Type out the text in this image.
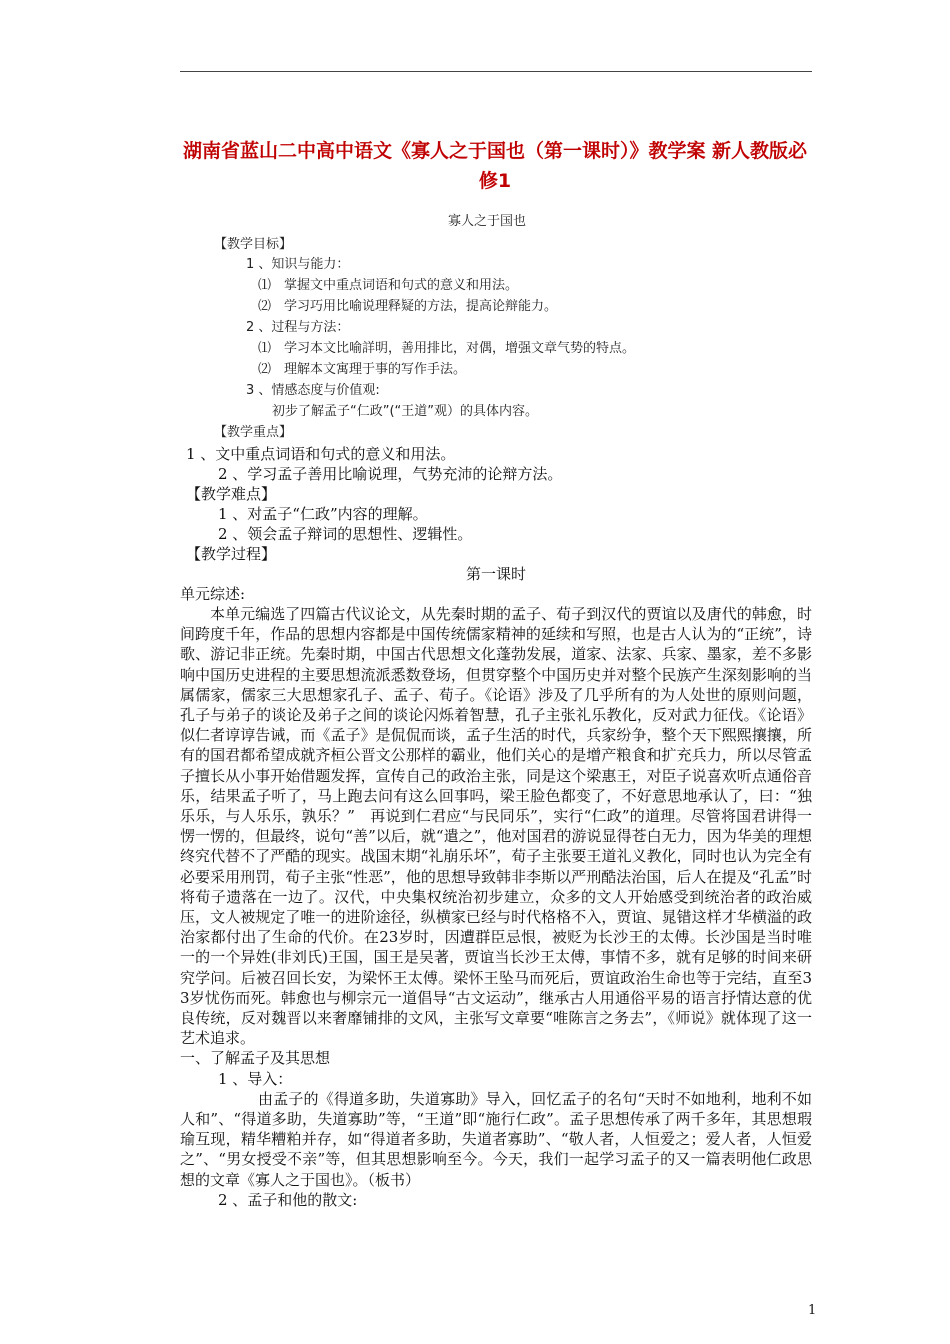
湖南省蓝山二中高中语文《寡人之于国也（第一课时）》教学案 新人教版必修1
寡人之于国也
【教学目标】
1 、知识与能力：
⑴　掌握文中重点词语和句式的意义和用法。
⑵　学习巧用比喻说理释疑的方法，提高论辩能力。
2 、过程与方法：
⑴　学习本文比喻詳明，善用排比，对偶，增强文章气势的特点。
⑵　理解本文寓理于事的写作手法。
3 、情感态度与价值观:
初步了解孟子“仁政”(“王道”观）的具体内容。
【教学重点】
1 、文中重点词语和句式的意义和用法。
2 、学习孟子善用比喻说理，气势充沛的论辩方法。
【教学难点】
1 、对孟子“仁政”内容的理解。
2 、领会孟子辩词的思想性、逻辑性。
【教学过程】
第一课时
单元综述:

本单元编选了四篇古代议论文，从先秦时期的孟子、荀子到汉代的贾谊以及唐代的韩愈，时间跨度千年，作品的思想内容都是中国传统儒家精神的延续和写照，也是古人认为的“正统”，诗歌、游记非正统。先秦时期，中国古代思想文化蓬勃发展，道家、法家、兵家、墨家，差不多影响中国历史进程的主要思想流派悉数登场，但贯穿整个中国历史并对整个民族产生深刻影响的当属儒家，儒家三大思想家孔子、孟子、荀子。《论语》涉及了几乎所有的为人处世的原则问题，孔子与弟子的谈论及弟子之间的谈论闪烁着智慧，孔子主张礼乐教化，反对武力征伐。《论语》似仁者谆谆告诫，而《孟子》是侃侃而谈，孟子生活的时代，兵家纷争，整个天下熙熙攘攘，所有的国君都希望成就齐桓公晋文公那样的霸业，他们关心的是增产粮食和扩充兵力，所以尽管孟子擅长从小事开始借题发挥，宣传自己的政治主张，同是这个梁惠王，对臣子说喜欢听点通俗音乐，结果孟子听了，马上跑去问有这么回事吗，梁王脸色都变了，不好意思地承认了，曰：“独乐乐，与人乐乐，孰乐？”　再说到仁君应“与民同乐”，实行“仁政”的道理。尽管将国君讲得一愣一愣的，但最终，说句“善”以后，就“遣之”，他对国君的游说显得苍白无力，因为华美的理想终究代替不了严酷的现实。战国末期“礼崩乐坏”，荀子主张要王道礼义教化，同时也认为完全有必要采用刑罚，荀子主张“性恶”，他的思想导致韩非李斯以严刑酷法治国，后人在提及“孔孟”时将荀子遗落在一边了。汉代，中央集权统治初步建立，众多的文人开始感受到统治者的政治威压，文人被规定了唯一的进阶途径，纵横家已经与时代格格不入，贾谊、晁错这样才华横溢的政治家都付出了生命的代价。在23岁时，因遭群臣忌恨，被贬为长沙王的太傅。长沙国是当时唯一的一个异姓(非刘氏)王国，国王是吴著，贾谊当长沙王太傅，事情不多，就有足够的时间来研究学问。后被召回长安，为梁怀王太傅。梁怀王坠马而死后，贾谊政治生命也等于完结，直至33岁忧伤而死。韩愈也与柳宗元一道倡导“古文运动”，继承古人用通俗平易的语言抒情达意的优良传统，反对魏晋以来奢靡铺排的文风，主张写文章要“唯陈言之务去”，《师说》就体现了这一艺术追求。

一、了解孟子及其思想

1 、导入：

由孟子的《得道多助，失道寡助》导入，回忆孟子的名句“天时不如地利，地利不如人和”、“得道多助，失道寡助”等，“王道”即“施行仁政”。孟子思想传承了两千多年，其思想瑕瑜互现，精华糟粕并存，如“得道者多助，失道者寡助”、“敬人者，人恒爱之；爱人者，人恒爱之”、“男女授受不亲”等，但其思想影响至今。今天，我们一起学习孟子的又一篇表明他仁政思想的文章《寡人之于国也》。（板书）

2 、孟子和他的散文:

1
